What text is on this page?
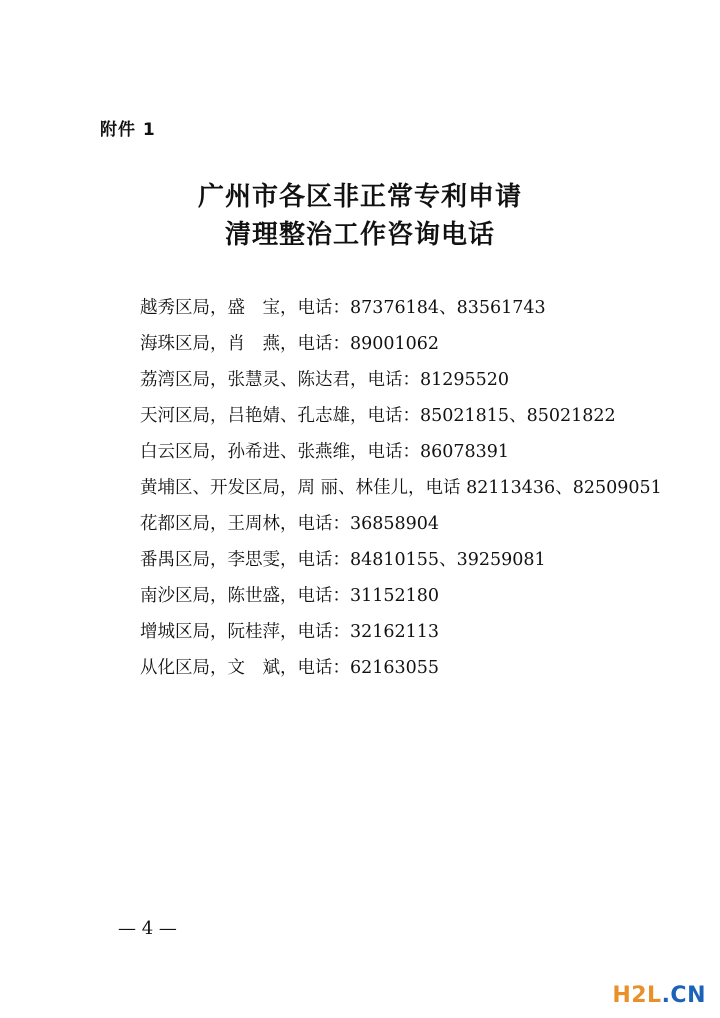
附件 1
广州市各区非正常专利申请
清理整治工作咨询电话
越秀区局，盛　宝，电话：87376184、83561743
海珠区局，肖　燕，电话：89001062
荔湾区局，张慧灵、陈达君，电话：81295520
天河区局，吕艳婧、孔志雄，电话：85021815、85021822
白云区局，孙希进、张燕维，电话：86078391
黄埔区、开发区局，周 丽、林佳儿，电话 82113436、82509051
花都区局，王周林，电话：36858904
番禺区局，李思雯，电话：84810155、39259081
南沙区局，陈世盛，电话：31152180
增城区局，阮桂萍，电话：32162113
从化区局，文　斌，电话：62163055
— 4 —
H2L.CN
